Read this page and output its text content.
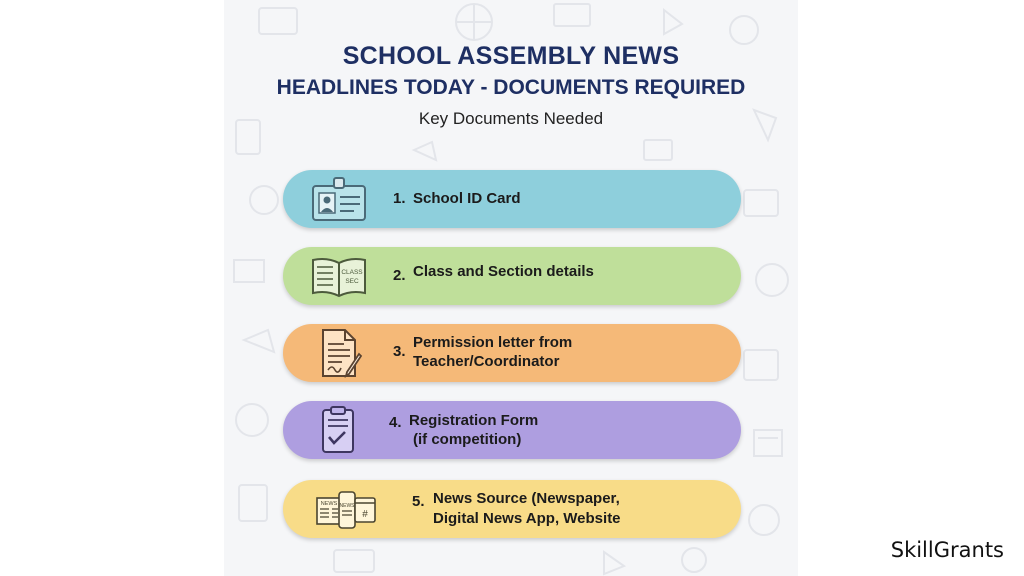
SCHOOL ASSEMBLY NEWS
HEADLINES TODAY - DOCUMENTS REQUIRED
Key Documents Needed
1. School ID Card
CLASS
SEC 2. Class and Section details
3.
Permission letter from
Teacher/Coordinator
4. Registration Form
(if competition)
NEWS NEWS
#
5. News Source (Newspaper,
Digital News App, Website
SkillGrants
